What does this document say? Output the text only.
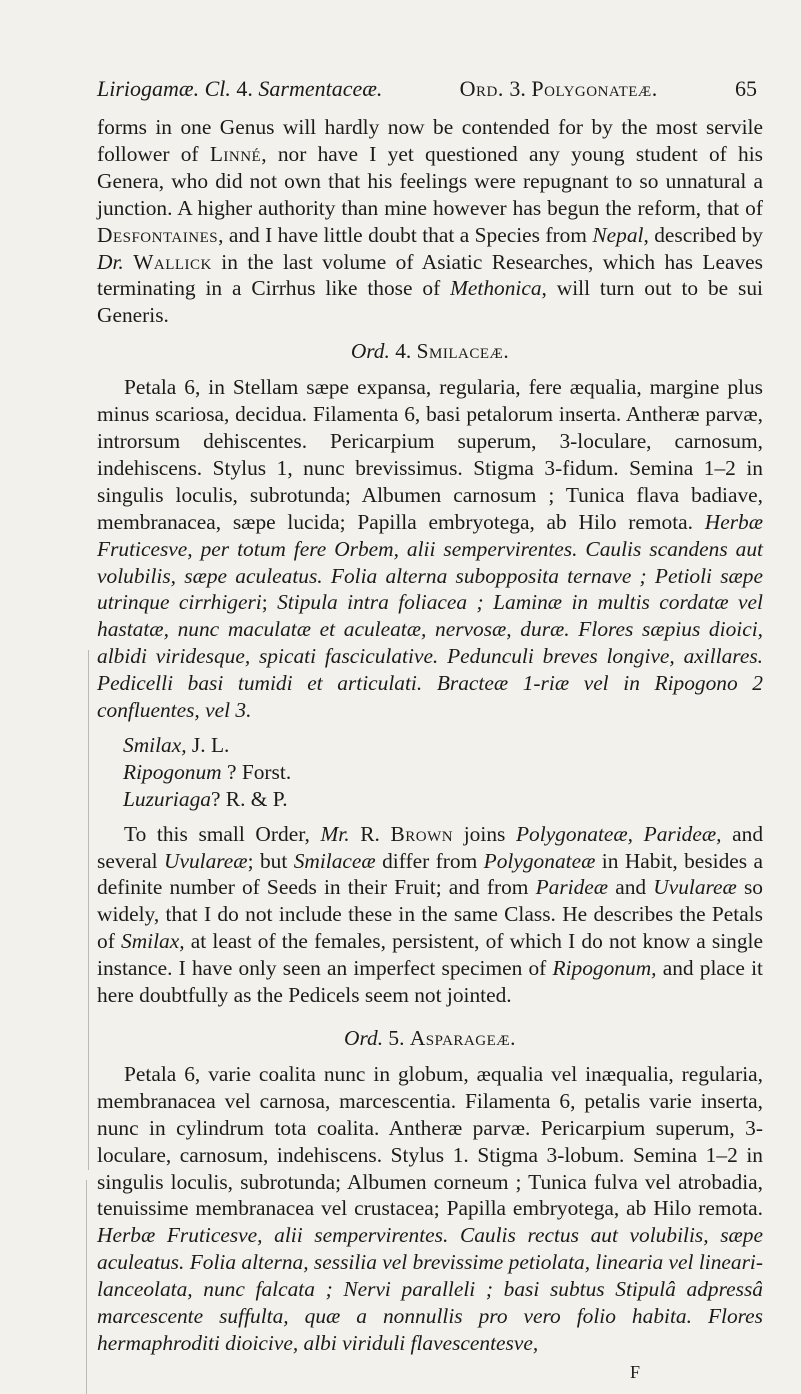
Liriogamæ. Cl. 4. Sarmentaceæ.	Ord. 3. Polygonateæ.	65

forms in one Genus will hardly now be contended for by the most servile follower of Linné, nor have I yet questioned any young student of his Genera, who did not own that his feelings were repugnant to so unnatural a junction. A higher authority than mine however has begun the reform, that of Desfontaines, and I have little doubt that a Species from Nepal, described by Dr. Wallick in the last volume of Asiatic Researches, which has Leaves terminating in a Cirrhus like those of Methonica, will turn out to be sui Generis.

Ord. 4. Smilaceæ.

Petala 6, in Stellam sæpe expansa, regularia, fere æqualia, margine plus minus scariosa, decidua. Filamenta 6, basi petalorum inserta. Antheræ parvæ, introrsum dehiscentes. Pericarpium superum, 3-loculare, carnosum, indehiscens. Stylus 1, nunc brevissimus. Stigma 3-fidum. Semina 1–2 in singulis loculis, subrotunda; Albumen carnosum ; Tunica flava badiave, membranacea, sæpe lucida; Papilla embryotega, ab Hilo remota. Herbæ Fruticesve, per totum fere Orbem, alii sempervirentes. Caulis scandens aut volubilis, sæpe aculeatus. Folia alterna subopposita ternave ; Petioli sæpe utrinque cirrhigeri; Stipula intra foliacea ; Laminæ in multis cordatæ vel hastatæ, nunc maculatæ et aculeatæ, nervosæ, duræ. Flores sæpius dioici, albidi viridesque, spicati fasciculative. Pedunculi breves longive, axillares. Pedicelli basi tumidi et articulati. Bracteæ 1-riæ vel in Ripogono 2 confluentes, vel 3.

Smilax, J. L.
Ripogonum ? Forst.
Luzuriaga? R. & P.

To this small Order, Mr. R. Brown joins Polygonateæ, Parideæ, and several Uvulareæ; but Smilaceæ differ from Polygonateæ in Habit, besides a definite number of Seeds in their Fruit; and from Parideæ and Uvulareæ so widely, that I do not include these in the same Class. He describes the Petals of Smilax, at least of the females, persistent, of which I do not know a single instance. I have only seen an imperfect specimen of Ripogonum, and place it here doubtfully as the Pedicels seem not jointed.

Ord. 5. Asparageæ.

Petala 6, varie coalita nunc in globum, æqualia vel inæqualia, regularia, membranacea vel carnosa, marcescentia. Filamenta 6, petalis varie inserta, nunc in cylindrum tota coalita. Antheræ parvæ. Pericarpium superum, 3-loculare, carnosum, indehiscens. Stylus 1. Stigma 3-lobum. Semina 1–2 in singulis loculis, subrotunda; Albumen corneum ; Tunica fulva vel atrobadia, tenuissime membranacea vel crustacea; Papilla embryotega, ab Hilo remota. Herbæ Fruticesve, alii sempervirentes. Caulis rectus aut volubilis, sæpe aculeatus. Folia alterna, sessilia vel brevissime petiolata, linearia vel lineari-lanceolata, nunc falcata ; Nervi paralleli ; basi subtus Stipulâ adpressâ marcescente suffulta, quæ a nonnullis pro vero folio habita. Flores hermaphroditi dioicive, albi viriduli flavescentesve,

F
